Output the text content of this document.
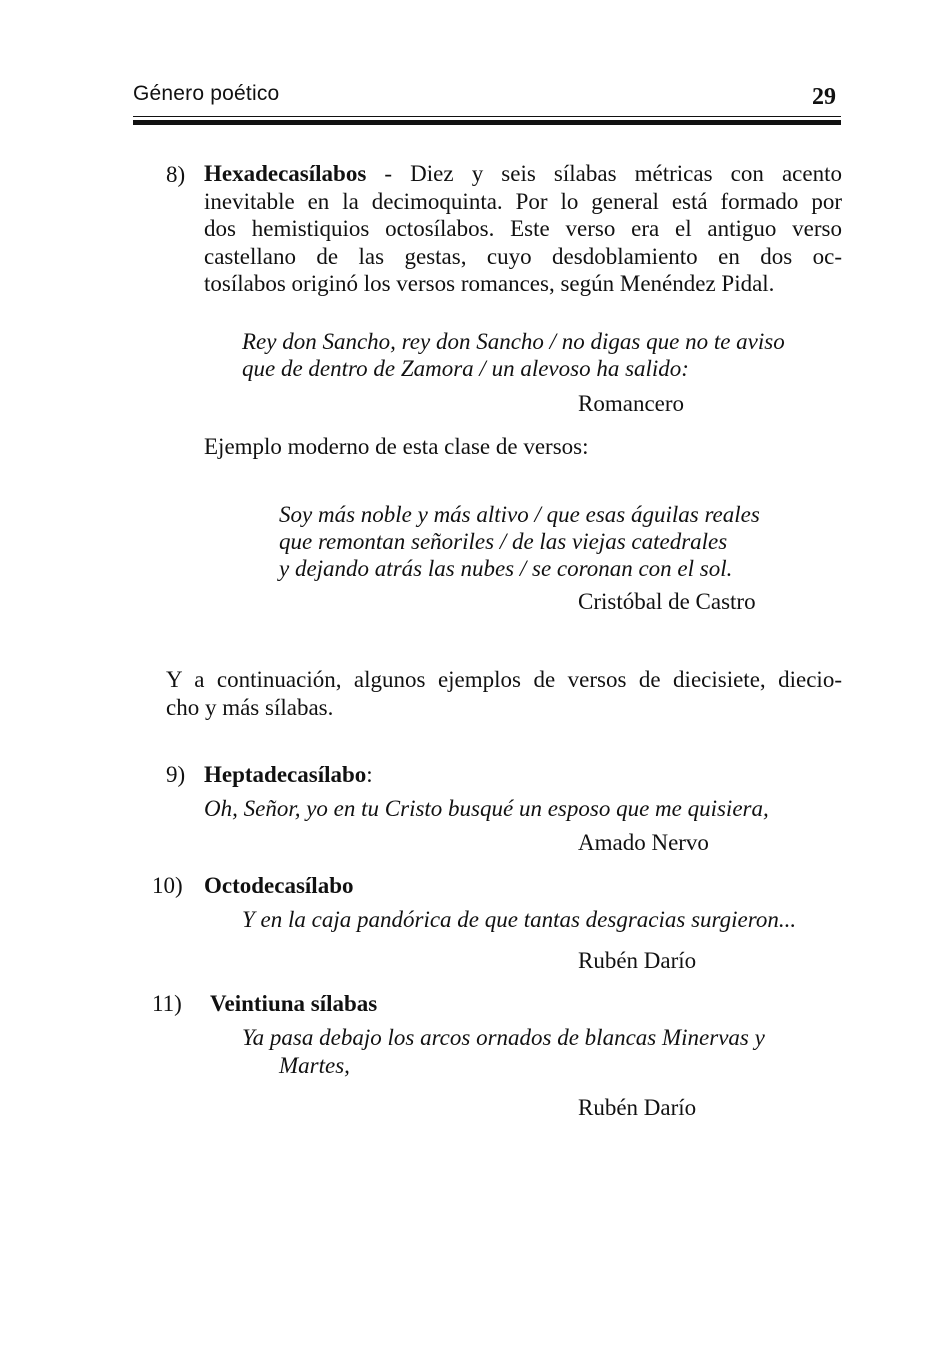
Género poético	29
8) Hexadecasílabos - Diez y seis sílabas métricas con acento
inevitable en la decimoquinta. Por lo general está formado por
dos hemistiquios octosílabos. Este verso era el antiguo verso
castellano de las gestas, cuyo desdoblamiento en dos oc-
tosílabos originó los versos romances, según Menéndez Pidal.
Rey don Sancho, rey don Sancho / no digas que no te aviso
que de dentro de Zamora / un alevoso ha salido:
Romancero
Ejemplo moderno de esta clase de versos:
Soy más noble y más altivo / que esas águilas reales
que remontan señoriles / de las viejas catedrales
y dejando atrás las nubes / se coronan con el sol.
Cristóbal de Castro
Y a continuación, algunos ejemplos de versos de diecisiete, diecio-
cho y más sílabas.
9) Heptadecasílabo:
Oh, Señor, yo en tu Cristo busqué un esposo que me quisiera,
Amado Nervo
10) Octodecasílabo
Y en la caja pandórica de que tantas desgracias surgieron...
Rubén Darío
11) Veintiuna sílabas
Ya pasa debajo los arcos ornados de blancas Minervas y
Martes,
Rubén Darío
